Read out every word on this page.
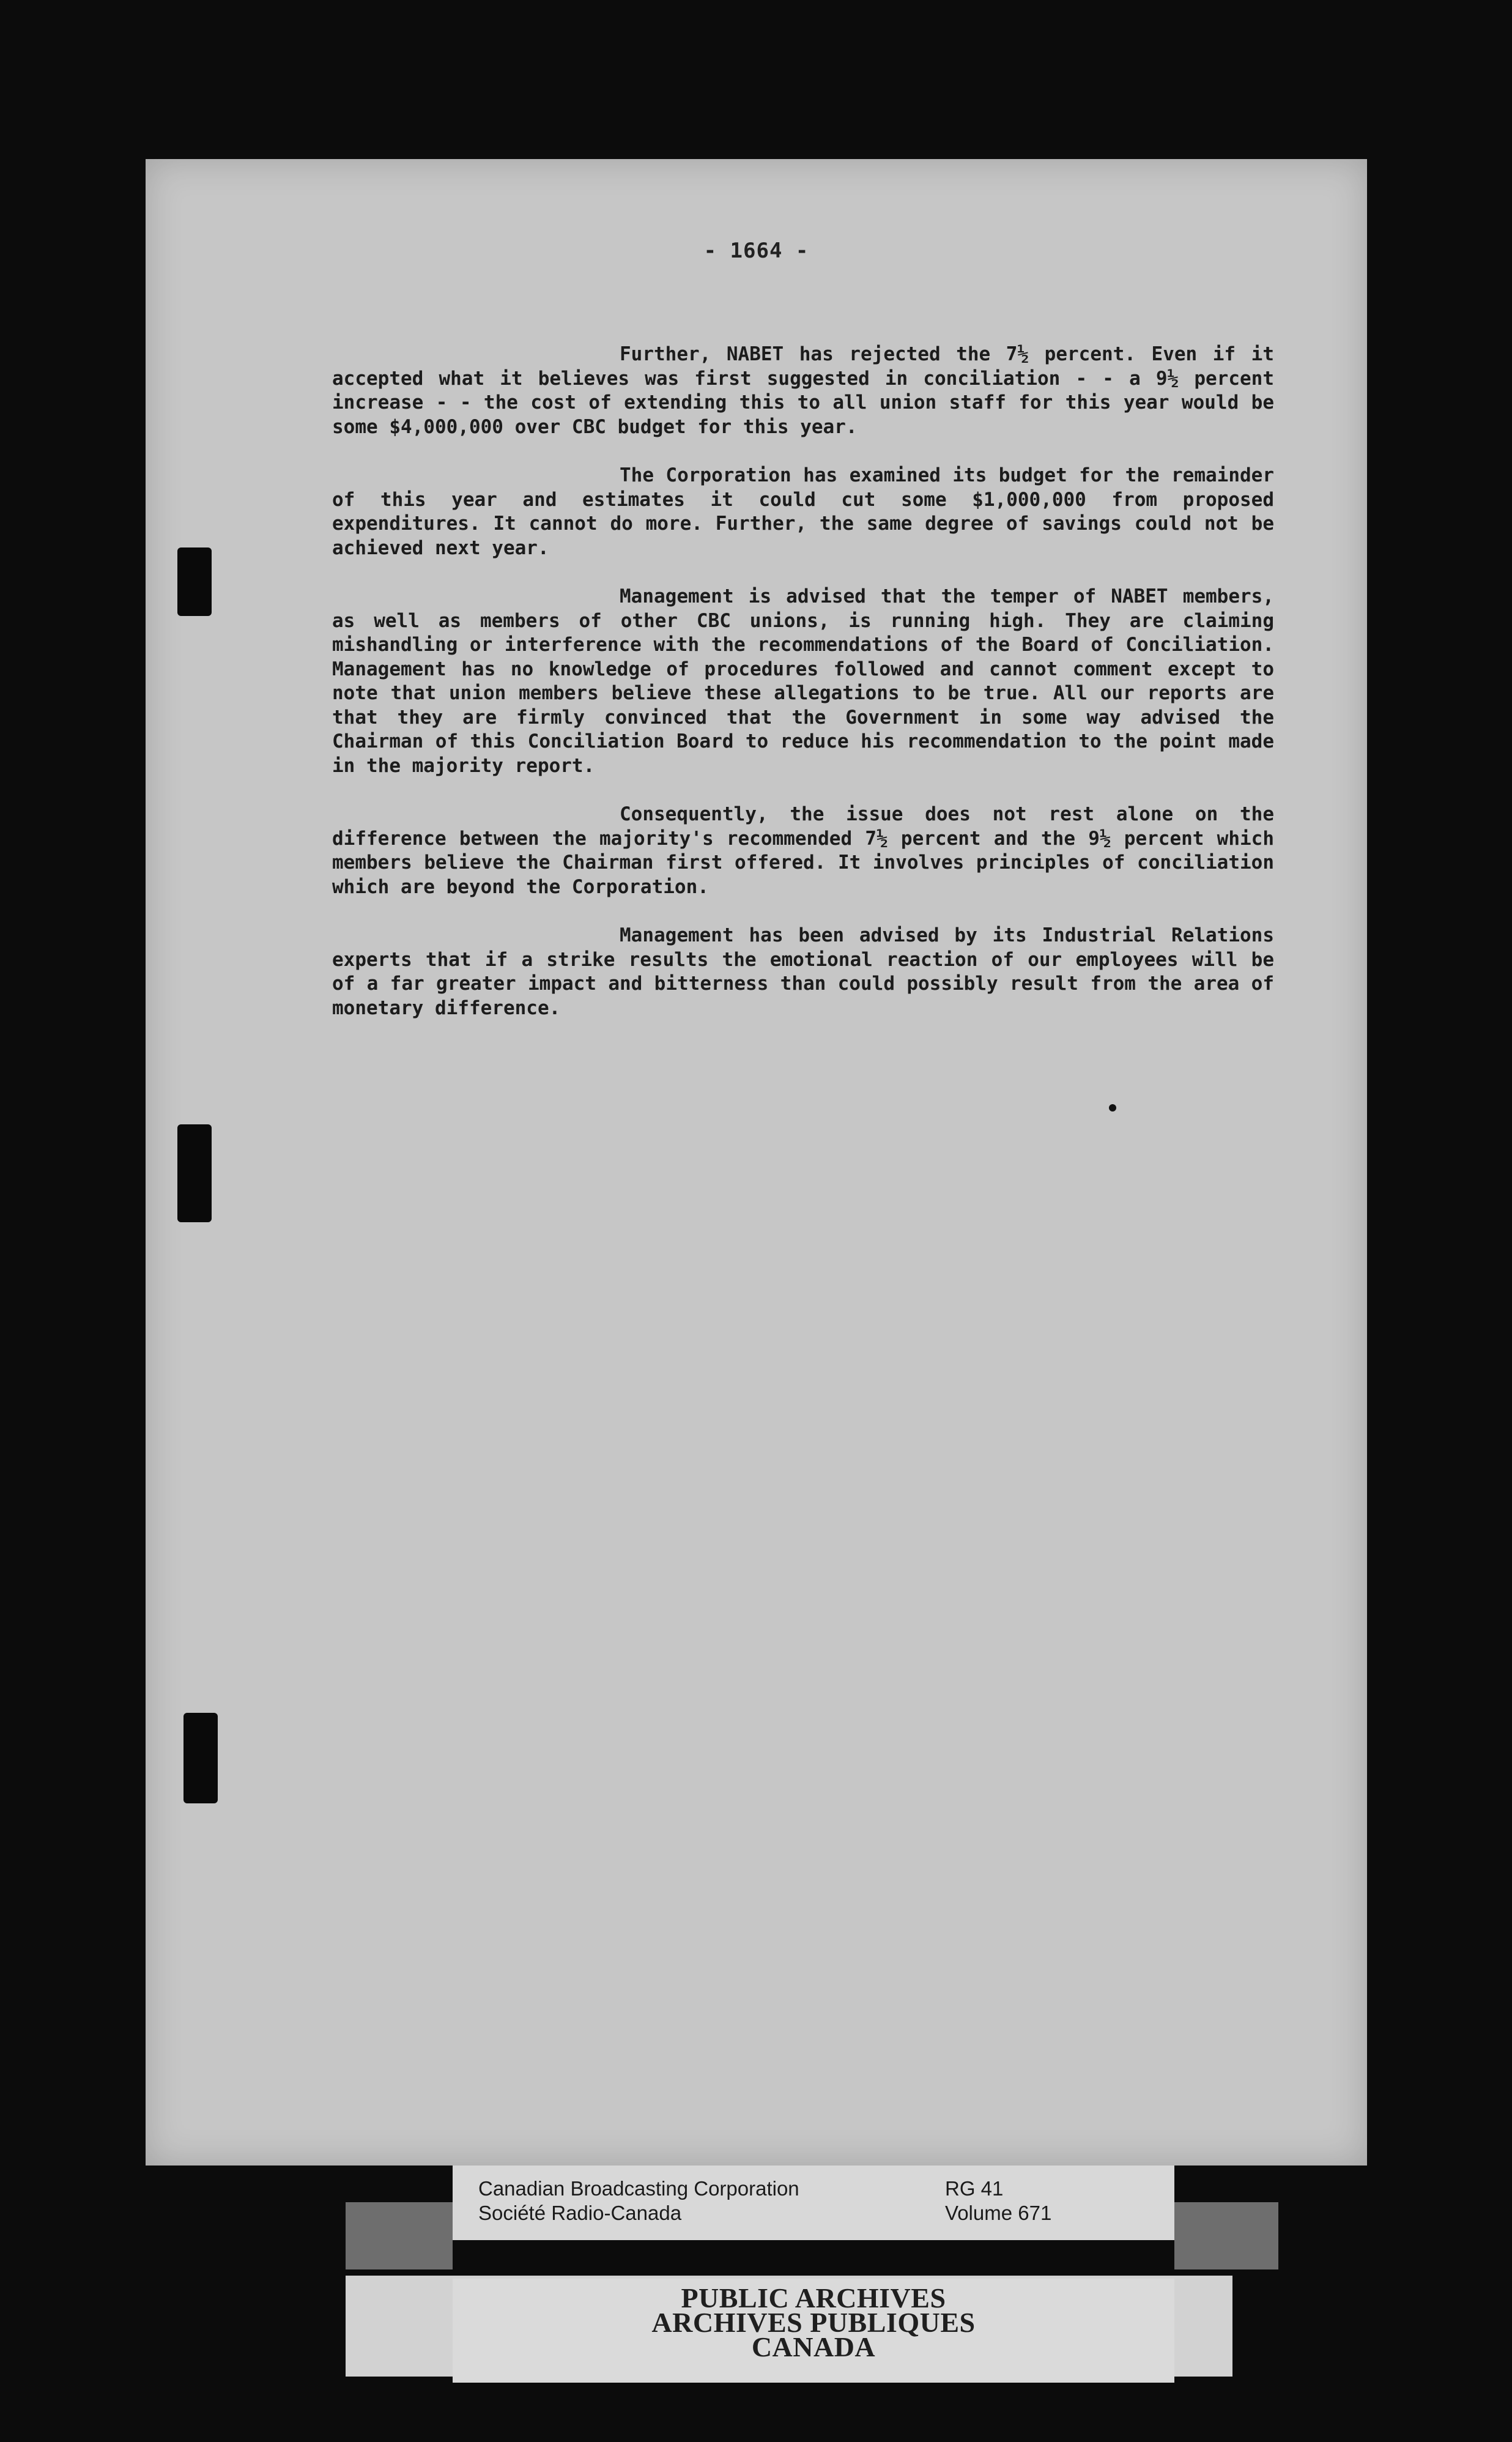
- 1664 -

Further, NABET has rejected the 7½ percent. Even if it accepted what it believes was first suggested in conciliation - - a 9½ percent increase - - the cost of extending this to all union staff for this year would be some $4,000,000 over CBC budget for this year.

The Corporation has examined its budget for the remainder of this year and estimates it could cut some $1,000,000 from proposed expenditures. It cannot do more. Further, the same degree of savings could not be achieved next year.

Management is advised that the temper of NABET members, as well as members of other CBC unions, is running high. They are claiming mishandling or interference with the recommendations of the Board of Conciliation. Management has no knowledge of procedures followed and cannot comment except to note that union members believe these allegations to be true. All our reports are that they are firmly convinced that the Government in some way advised the Chairman of this Conciliation Board to reduce his recommendation to the point made in the majority report.

Consequently, the issue does not rest alone on the difference between the majority's recommended 7½ percent and the 9½ percent which members believe the Chairman first offered. It involves principles of conciliation which are beyond the Corporation.

Management has been advised by its Industrial Relations experts that if a strike results the emotional reaction of our employees will be of a far greater impact and bitterness than could possibly result from the area of monetary difference.

Canadian Broadcasting Corporation
Société Radio-Canada
RG 41
Volume 671
PUBLIC ARCHIVES
ARCHIVES PUBLIQUES
CANADA
